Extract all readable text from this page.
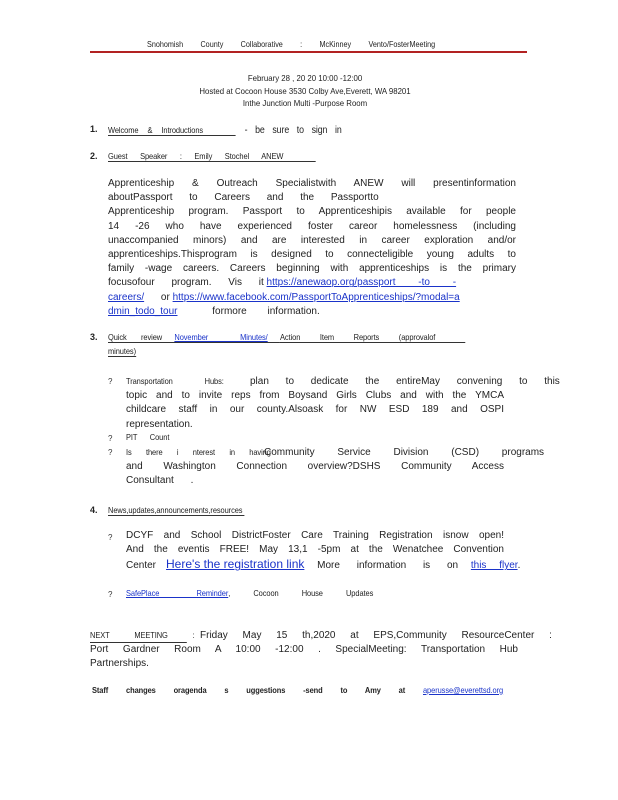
Snohomish County Collaborative : McKinney Vento/FosterMeeting
February 28 , 20 20 10:00 -12:00
Hosted at Cocoon House 3530 Colby Ave,Everett, WA 98201
Inthe Junction Multi -Purpose Room
1. Welcome & Introductions	- be sure to sign in
2. Guest Speaker : Emily Stochel ANEW
Apprenticeship & Outreach Specialistwith ANEW will presentinformation
aboutPassport to Careers and the Passportto
Apprenticeship program. Passport to Apprenticeshipis available for people
14 -26 who have experienced foster careor homelessness (including
unaccompanied minors) and are interested in career exploration and/or
apprenticeships.Thisprogram is designed to connecteligible young adults to
family -wage careers. Careers beginning with apprenticeships is the primary
focusofour program. Vis it https://anewaop.org/passport -to -
careers/ or https://www.facebook.com/PassportToApprenticeships/?modal=a
dmin_todo_tour	formore information.
3. Quick review November Minutes/ Action Item Reports (approvalof
minutes)
? Transportation Hubs:	plan to dedicate the entireMay convening to this
topic and to invite reps from Boysand Girls Clubs and with the YMCA
childcare staff in our county.Alsoask for NW ESD 189 and OSPI
representation.
? PIT Count
? Is there i nterest in havingCommunity Service Division (CSD) programs
and Washington Connection overview?DSHS Community Access
Consultant .
4. News,updates,announcements,resources
? DCYF and School DistrictFoster Care Training Registration isnow open!
And the eventis FREE! May 13,1 -5pm at the Wenatchee Convention
Center Here's the registration link More information is on this flyer.
? SafePlace Reminder, Cocoon House Updates
NEXT MEETING : Friday May 15 th,2020 at EPS,Community ResourceCenter :
Port Gardner Room A 10:00 -12:00 . SpecialMeeting: Transportation Hub
Partnerships.
Staff changes oragenda s uggestions -send to Amy at aperusse@everettsd.org
